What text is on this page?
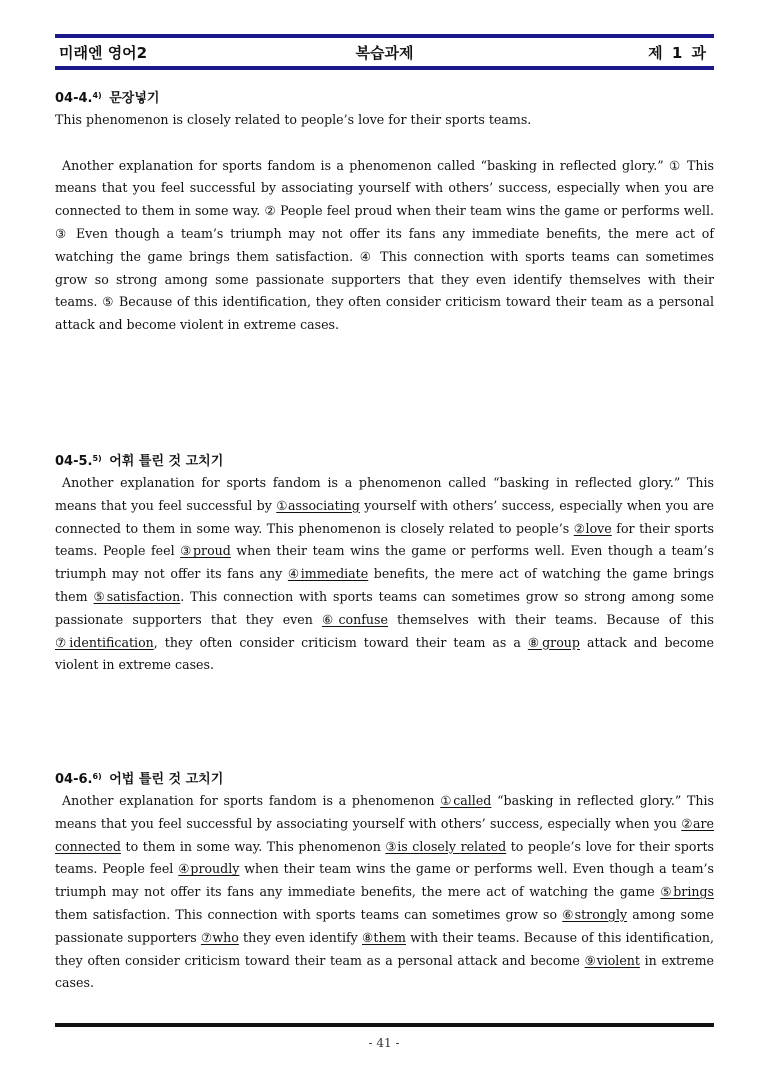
미래엔 영어2	복습과제	제 1 과
04-4.$^{4)}$ 문장넣기

This phenomenon is closely related to people’s love for their sports teams.

Another explanation for sports fandom is a phenomenon called “basking in reflected glory.” ① This means that you feel successful by associating yourself with others’ success, especially when you are connected to them in some way. ② People feel proud when their team wins the game or performs well. ③ Even though a team’s triumph may not offer its fans any immediate benefits, the mere act of watching the game brings them satisfaction. ④ This connection with sports teams can sometimes grow so strong among some passionate supporters that they even identify themselves with their teams. ⑤ Because of this identification, they often consider criticism toward their team as a personal attack and become violent in extreme cases.

04-5.$^{5)}$ 어휘 틀린 것 고치기

Another explanation for sports fandom is a phenomenon called “basking in reflected glory.” This means that you feel successful by ①associating yourself with others’ success, especially when you are connected to them in some way. This phenomenon is closely related to people’s ②love for their sports teams. People feel ③proud when their team wins the game or performs well. Even though a team’s triumph may not offer its fans any ④immediate benefits, the mere act of watching the game brings them ⑤satisfaction. This connection with sports teams can sometimes grow so strong among some passionate supporters that they even ⑥confuse themselves with their teams. Because of this ⑦identification, they often consider criticism toward their team as a ⑧group attack and become violent in extreme cases.

04-6.$^{6)}$ 어법 틀린 것 고치기

Another explanation for sports fandom is a phenomenon ①called “basking in reflected glory.” This means that you feel successful by associating yourself with others’ success, especially when you ②are connected to them in some way. This phenomenon ③is closely related to people’s love for their sports teams. People feel ④proudly when their team wins the game or performs well. Even though a team’s triumph may not offer its fans any immediate benefits, the mere act of watching the game ⑤brings them satisfaction. This connection with sports teams can sometimes grow so ⑥strongly among some passionate supporters ⑦who they even identify ⑧them with their teams. Because of this identification, they often consider criticism toward their team as a personal attack and become ⑨violent in extreme cases.

- 41 -
